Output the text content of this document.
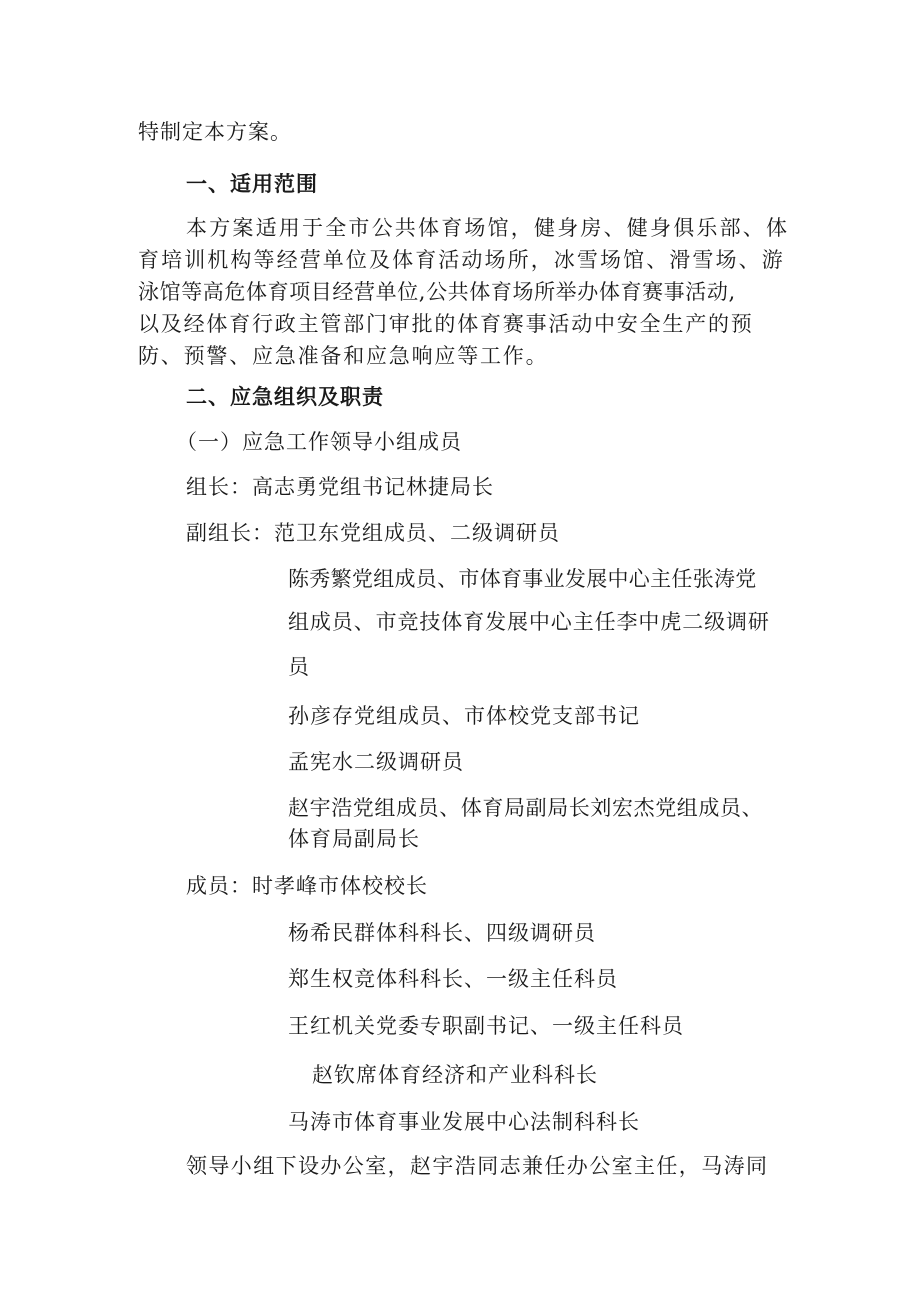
特制定本方案。
一、适用范围
本方案适用于全市公共体育场馆，健身房、健身俱乐部、体
育培训机构等经营单位及体育活动场所，冰雪场馆、滑雪场、游
泳馆等高危体育项目经营单位,公共体育场所举办体育赛事活动,
以及经体育行政主管部门审批的体育赛事活动中安全生产的预
防、预警、应急准备和应急响应等工作。
二、应急组织及职责
（一）应急工作领导小组成员
组长：高志勇党组书记林捷局长
副组长：范卫东党组成员、二级调研员
陈秀繁党组成员、市体育事业发展中心主任张涛党
组成员、市竞技体育发展中心主任李中虎二级调研
员
孙彦存党组成员、市体校党支部书记
孟宪水二级调研员
赵宇浩党组成员、体育局副局长刘宏杰党组成员、
体育局副局长
成员：时孝峰市体校校长
杨希民群体科科长、四级调研员
郑生权竞体科科长、一级主任科员
王红机关党委专职副书记、一级主任科员
赵钦席体育经济和产业科科长
马涛市体育事业发展中心法制科科长
领导小组下设办公室，赵宇浩同志兼任办公室主任，马涛同
